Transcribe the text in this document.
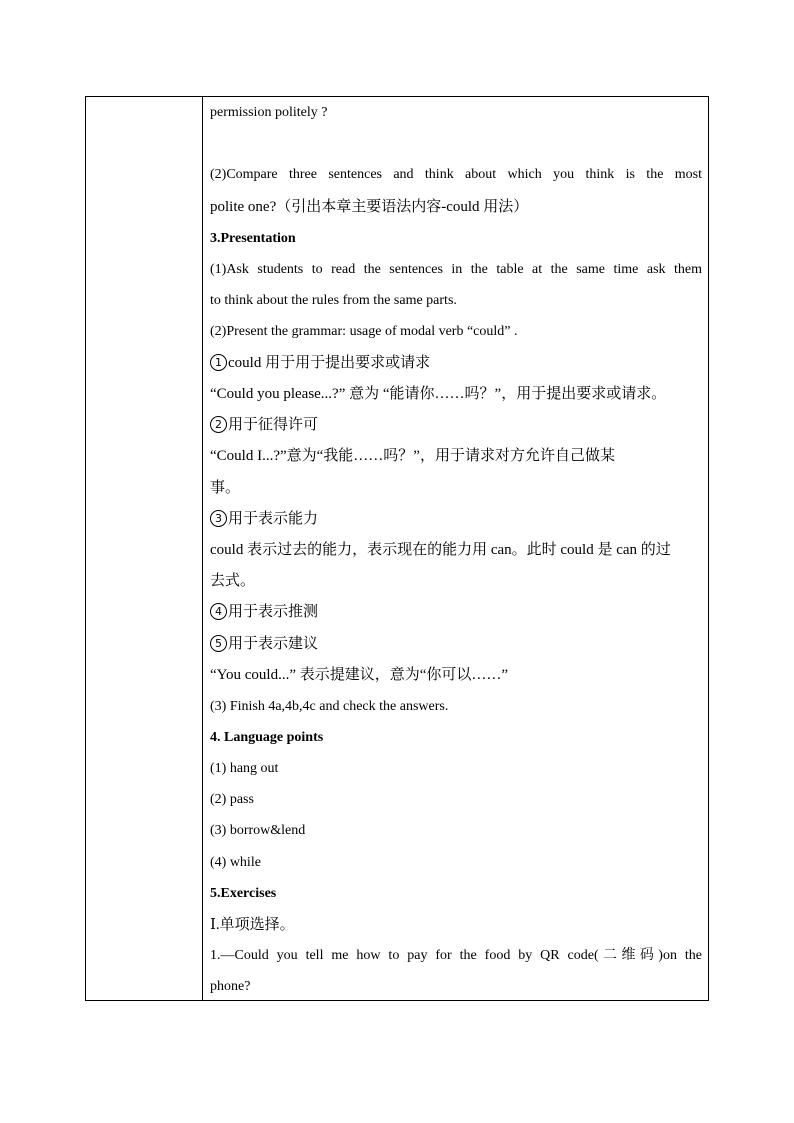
permission politely ?
(2)Compare three sentences and think about which you think is the most
polite one?（引出本章主要语法内容-could 用法）
3.Presentation
(1)Ask students to read the sentences in the table at the same time ask them
to think about the rules from the same parts.
(2)Present the grammar: usage of modal verb “could” .
1 could 用于用于提出要求或请求
“Could you please...?” 意为 “能请你……吗？”，用于提出要求或请求。
2 用于征得许可
“Could I...?”意为“我能……吗？”，用于请求对方允许自己做某
事。
3 用于表示能力
could 表示过去的能力，表示现在的能力用 can。此时 could 是 can 的过
去式。
4 用于表示推测
5 用于表示建议
“You could...” 表示提建议，意为“你可以……”
(3) Finish 4a,4b,4c and check the answers.
4. Language points
(1) hang out
(2) pass
(3) borrow&lend
(4) while
5.Exercises
Ⅰ.单项选择。
1.—Could you tell me how to pay for the food by QR code(二维码)on the
phone?
